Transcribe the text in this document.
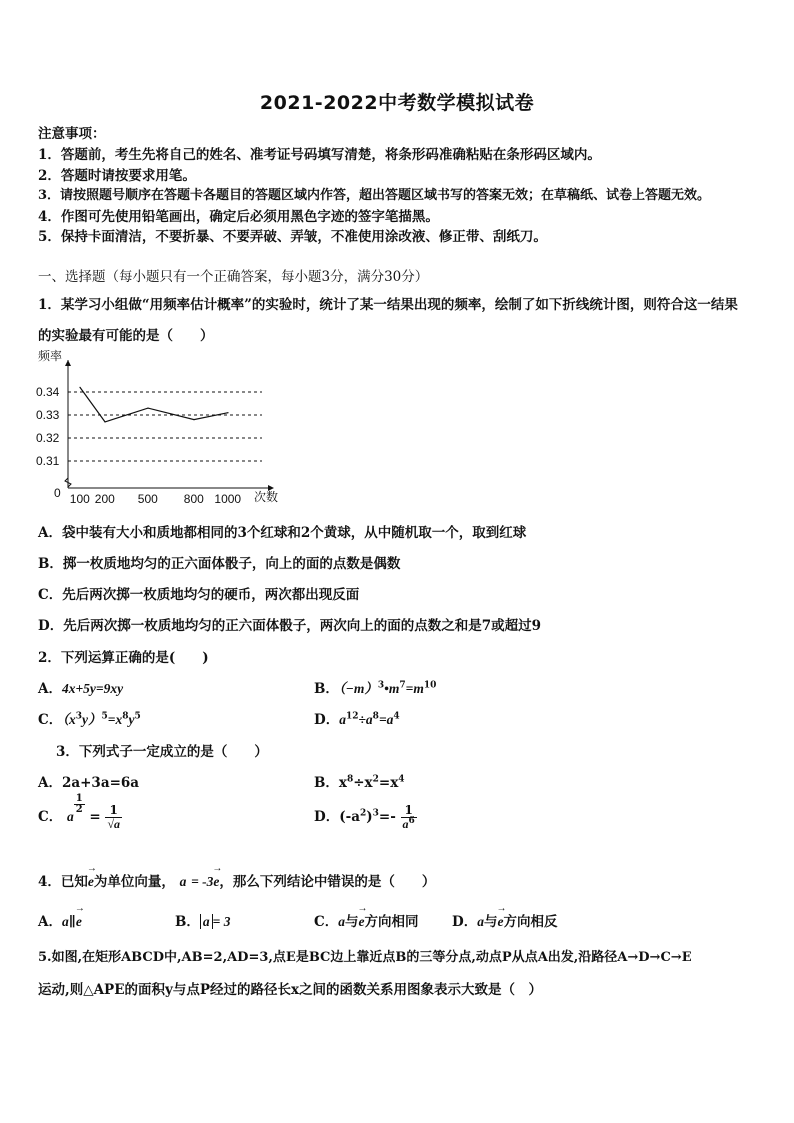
2021-2022中考数学模拟试卷
注意事项：
1．答题前，考生先将自己的姓名、准考证号码填写清楚，将条形码准确粘贴在条形码区域内。
2．答题时请按要求用笔。
3．请按照题号顺序在答题卡各题目的答题区域内作答，超出答题区域书写的答案无效；在草稿纸、试卷上答题无效。
4．作图可先使用铅笔画出，确定后必须用黑色字迹的签字笔描黑。
5．保持卡面清洁，不要折暴、不要弄破、弄皱，不准使用涂改液、修正带、刮纸刀。
一、选择题（每小题只有一个正确答案，每小题3分，满分30分）
1．某学习小组做“用频率估计概率”的实验时，统计了某一结果出现的频率，绘制了如下折线统计图，则符合这一结果
的实验最有可能的是（　　）
频率
次数
0
0.34
0.33
0.32
0.31
100 200 500 800 1000
A．袋中装有大小和质地都相同的3个红球和2个黄球，从中随机取一个，取到红球
B．掷一枚质地均匀的正六面体骰子，向上的面的点数是偶数
C．先后两次掷一枚质地均匀的硬币，两次都出现反面
D．先后两次掷一枚质地均匀的正六面体骰子，两次向上的面的点数之和是7或超过9
2．下列运算正确的是(　　)
A．4x+5y=9xy	B．$(-m)^3•m^7=m^{10}$
C．$(x^3y)^5=x^8y^5$	D．$a^{12}\div a^8=a^4$
3．下列式子一定成立的是（　　）
A．2a+3a=6a	B．$x^8\div x^2=x^4$
C． a
$\frac{1}{2}$
= $\frac{1}{√a}$	D．$(-a^2)^3=- \frac{1}{a^6}$
4．已知→ e为单位向量， a = -3→ e，那么下列结论中错误的是（　　）
A．a∥→ e	B． a = 3	C．a与→ e方向相同 D．a与→ e方向相反
5.如图,在矩形ABCD中,AB=2,AD=3,点E是BC边上靠近点B的三等分点,动点P从点A出发,沿路径A→D→C→E
运动,则△APE的面积y与点P经过的路径长x之间的函数关系用图象表示大致是（　）
